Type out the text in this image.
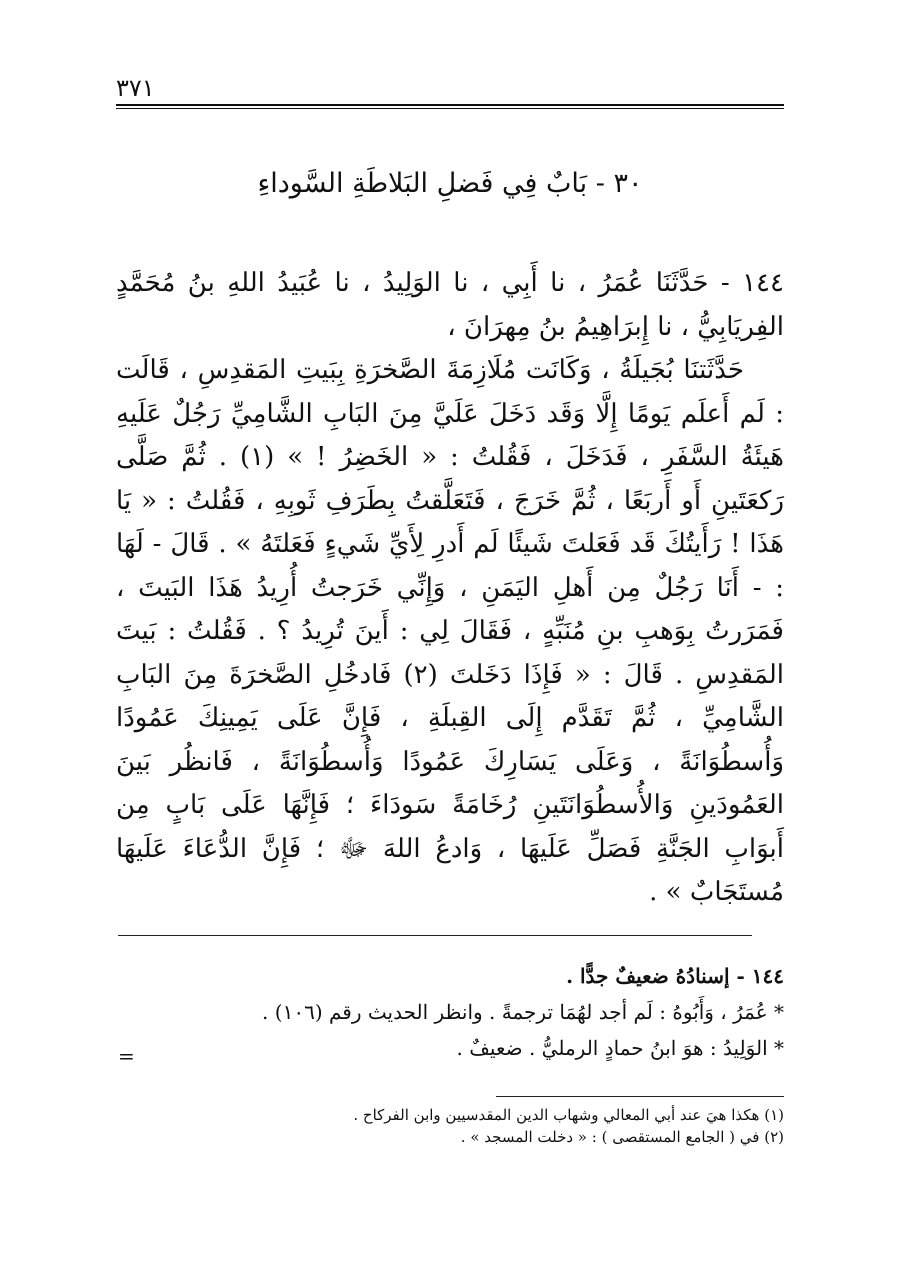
٣٧١
٣٠ - بَابٌ فِي فَضلِ البَلاطَةِ السَّوداءِ

١٤٤ - حَدَّثَنَا عُمَرُ ، نا أَبِي ، نا الوَلِيدُ ، نا عُبَيدُ اللهِ بنُ مُحَمَّدٍ الفِريَابِيُّ ، نا إِبرَاهِيمُ بنُ مِهرَانَ ،

حَدَّثَتنَا بُجَيلَةُ ، وَكَانَت مُلَازِمَةَ الصَّخرَةِ بِبَيتِ المَقدِسِ ، قَالَت : لَم أَعلَم يَومًا إِلَّا وَقَد دَخَلَ عَلَيَّ مِنَ البَابِ الشَّامِيِّ رَجُلٌ عَلَيهِ هَيئَةُ السَّفَرِ ، فَدَخَلَ ، فَقُلتُ : « الخَضِرُ ! » (١) . ثُمَّ صَلَّى رَكعَتَينِ أَو أَربَعًا ، ثُمَّ خَرَجَ ، فَتَعَلَّقتُ بِطَرَفِ ثَوبِهِ ، فَقُلتُ : « يَا هَذَا ! رَأَيتُكَ قَد فَعَلتَ شَيئًا لَم أَدرِ لِأَيِّ شَيءٍ فَعَلتَهُ » . قَالَ - لَهَا : - أَنَا رَجُلٌ مِن أَهلِ اليَمَنِ ، وَإِنِّي خَرَجتُ أُرِيدُ هَذَا البَيتَ ، فَمَرَرتُ بِوَهبِ بنِ مُنَبِّهٍ ، فَقَالَ لِي : أَينَ تُرِيدُ ؟ . فَقُلتُ : بَيتَ المَقدِسِ . قَالَ : « فَإِذَا دَخَلتَ (٢) فَادخُلِ الصَّخرَةَ مِنَ البَابِ الشَّامِيِّ ، ثُمَّ تَقَدَّم إِلَى القِبلَةِ ، فَإِنَّ عَلَى يَمِينِكَ عَمُودًا وَأُسطُوَانَةً ، وَعَلَى يَسَارِكَ عَمُودًا وَأُسطُوَانَةً ، فَانظُر بَينَ العَمُودَينِ وَالأُسطُوَانَتَينِ رُخَامَةً سَودَاءَ ؛ فَإِنَّهَا عَلَى بَابٍ مِن أَبوَابِ الجَنَّةِ فَصَلِّ عَلَيهَا ، وَادعُ اللهَ ﷻ ؛ فَإِنَّ الدُّعَاءَ عَلَيهَا مُستَجَابٌ » .

١٤٤ - إسنادُهُ ضعيفٌ جدًّا .

* عُمَرُ ، وَأَبُوهُ : لَم أجد لهُمَا ترجمةً . وانظر الحديث رقم (١٠٦) .

* الوَلِيدُ : هوَ ابنُ حمادٍ الرمليُّ . ضعيفٌ .

=

(١) هكذا هيَ عند أبي المعالي وشهاب الدين المقدسيين وابن الفركاح .

(٢) في ( الجامع المستقصى ) : « دخلت المسجد » .
